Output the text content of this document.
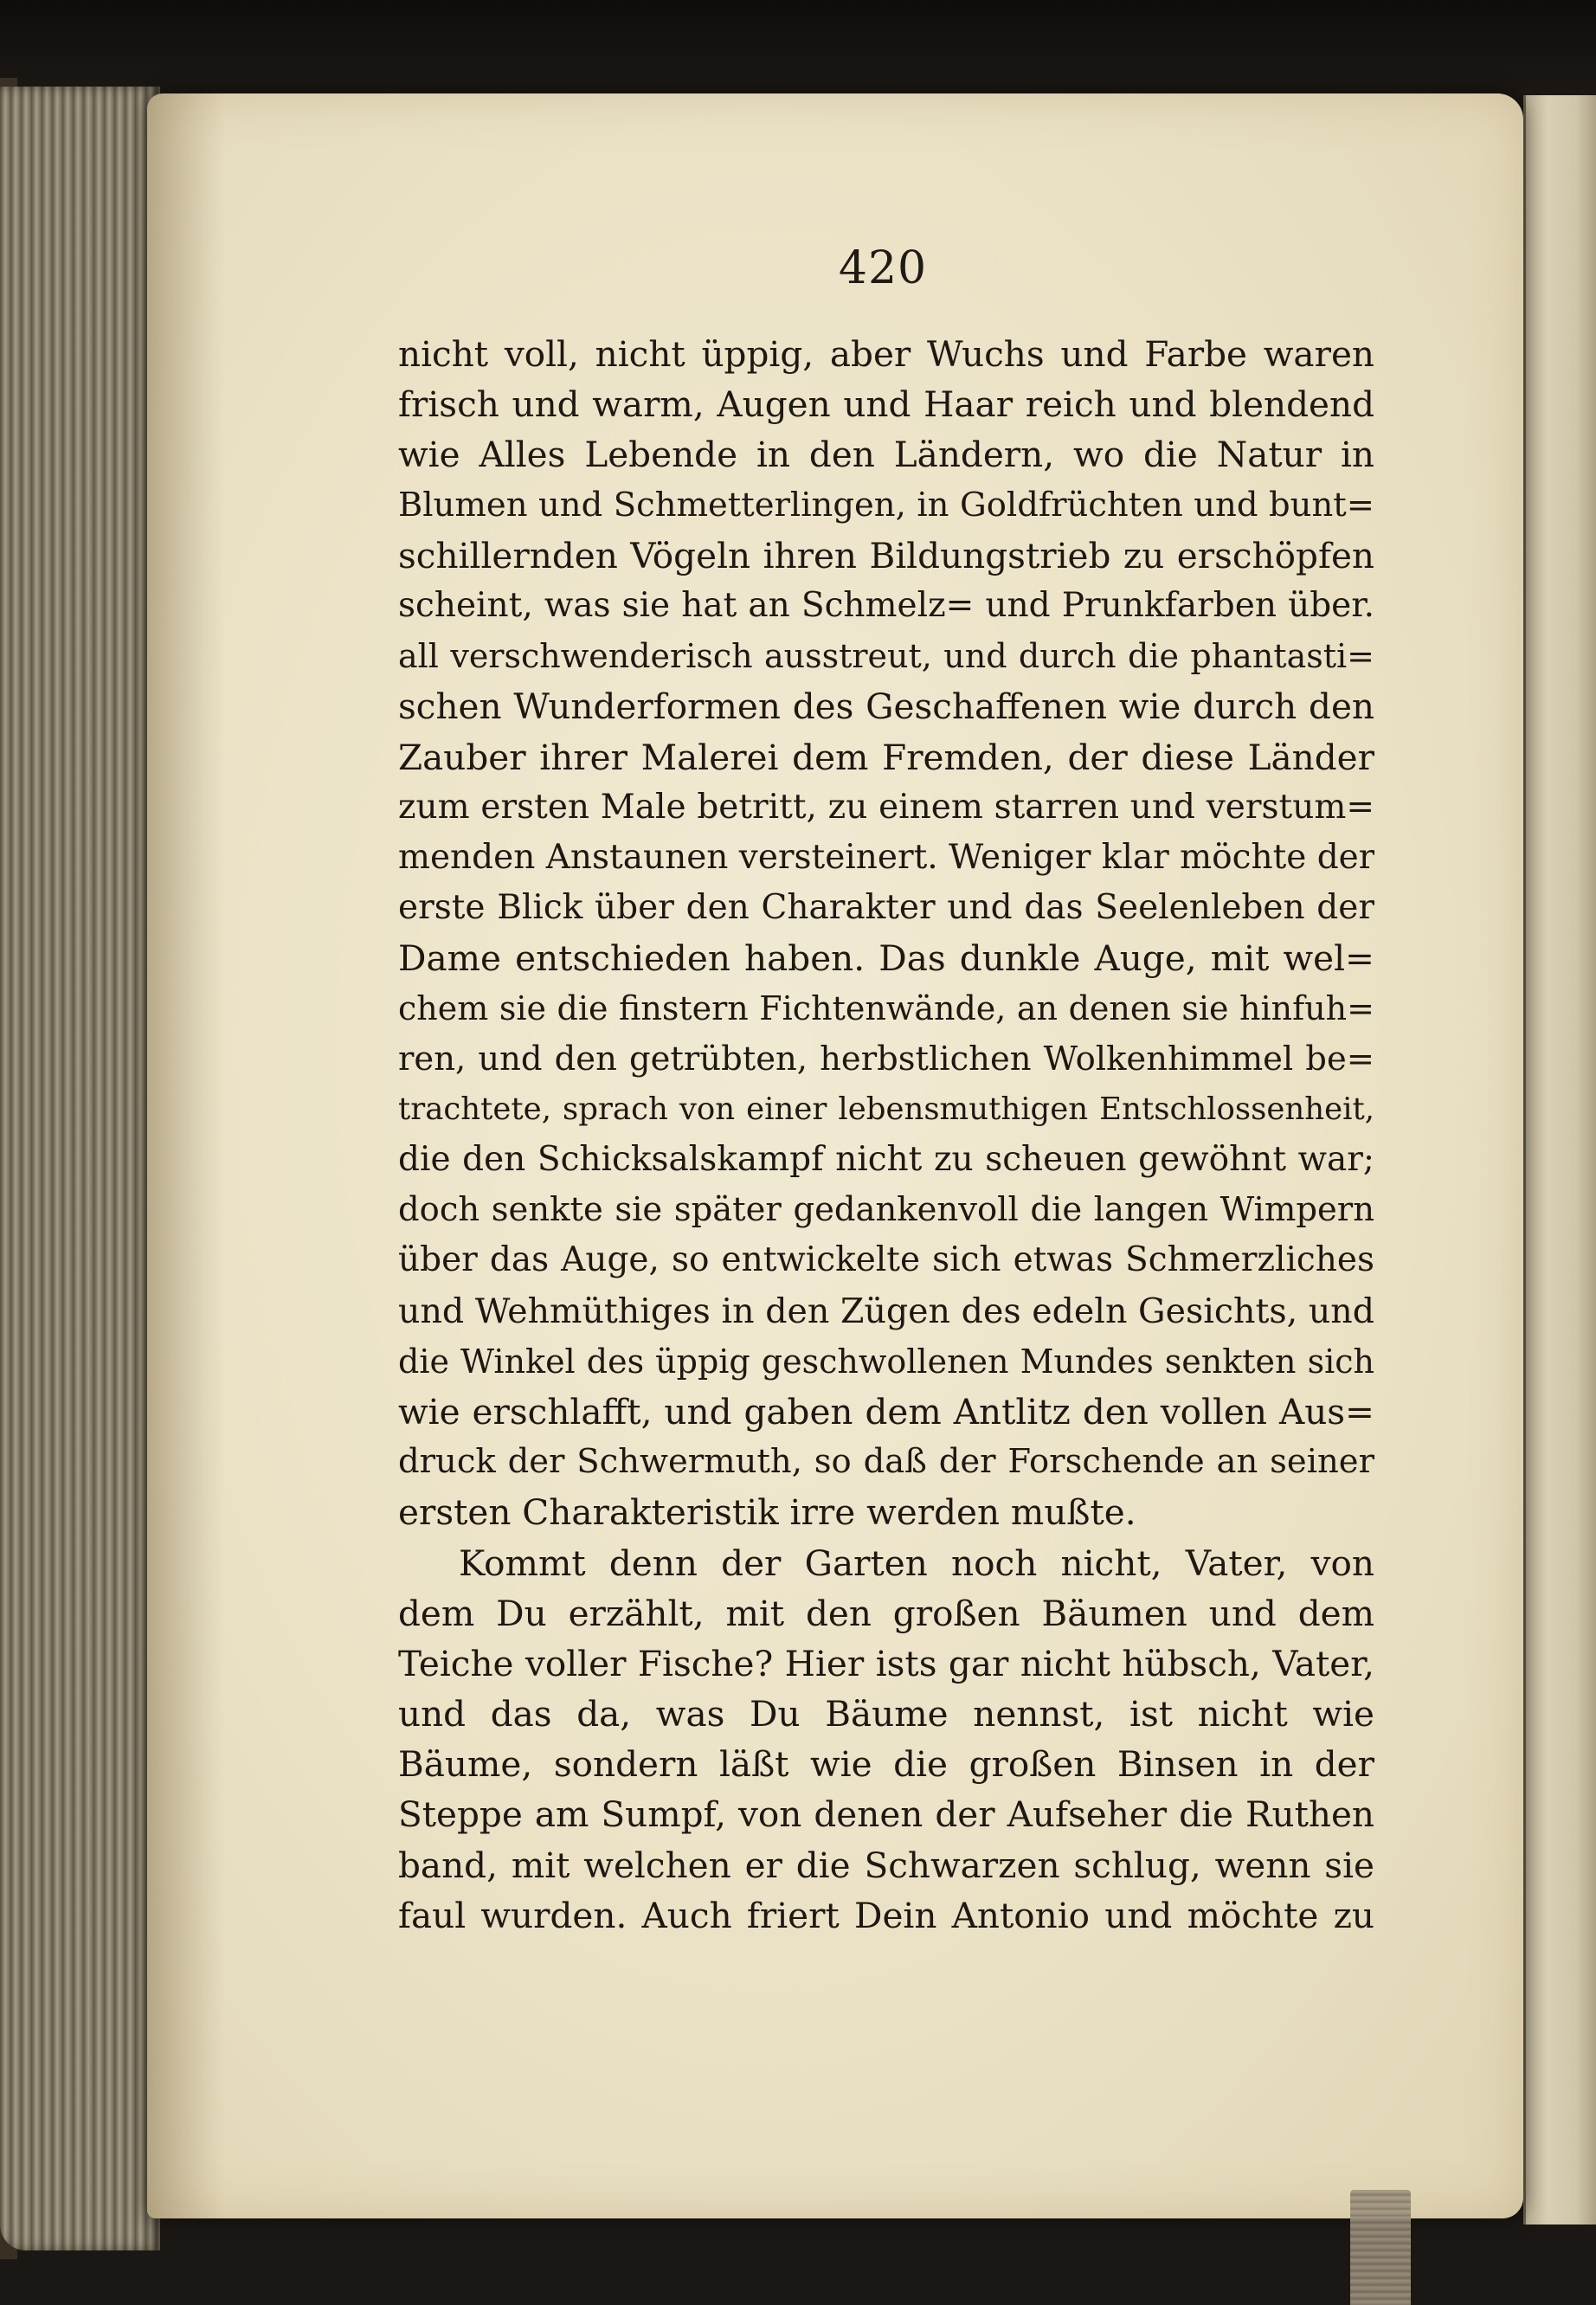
420
nicht voll, nicht üppig, aber Wuchs und Farbe waren
frisch und warm, Augen und Haar reich und blendend
wie Alles Lebende in den Ländern, wo die Natur in
Blumen und Schmetterlingen, in Goldfrüchten und bunt=
schillernden Vögeln ihren Bildungstrieb zu erschöpfen
scheint, was sie hat an Schmelz= und Prunkfarben über.
all verschwenderisch ausstreut, und durch die phantasti=
schen Wunderformen des Geschaffenen wie durch den
Zauber ihrer Malerei dem Fremden, der diese Länder
zum ersten Male betritt, zu einem starren und verstum=
menden Anstaunen versteinert. Weniger klar möchte der
erste Blick über den Charakter und das Seelenleben der
Dame entschieden haben. Das dunkle Auge, mit wel=
chem sie die finstern Fichtenwände, an denen sie hinfuh=
ren, und den getrübten, herbstlichen Wolkenhimmel be=
trachtete, sprach von einer lebensmuthigen Entschlossenheit,
die den Schicksalskampf nicht zu scheuen gewöhnt war;
doch senkte sie später gedankenvoll die langen Wimpern
über das Auge, so entwickelte sich etwas Schmerzliches
und Wehmüthiges in den Zügen des edeln Gesichts, und
die Winkel des üppig geschwollenen Mundes senkten sich
wie erschlafft, und gaben dem Antlitz den vollen Aus=
druck der Schwermuth, so daß der Forschende an seiner
ersten Charakteristik irre werden mußte.
Kommt denn der Garten noch nicht, Vater, von
dem Du erzählt, mit den großen Bäumen und dem
Teiche voller Fische? Hier ists gar nicht hübsch, Vater,
und das da, was Du Bäume nennst, ist nicht wie
Bäume, sondern läßt wie die großen Binsen in der
Steppe am Sumpf, von denen der Aufseher die Ruthen
band, mit welchen er die Schwarzen schlug, wenn sie
faul wurden. Auch friert Dein Antonio und möchte zu
